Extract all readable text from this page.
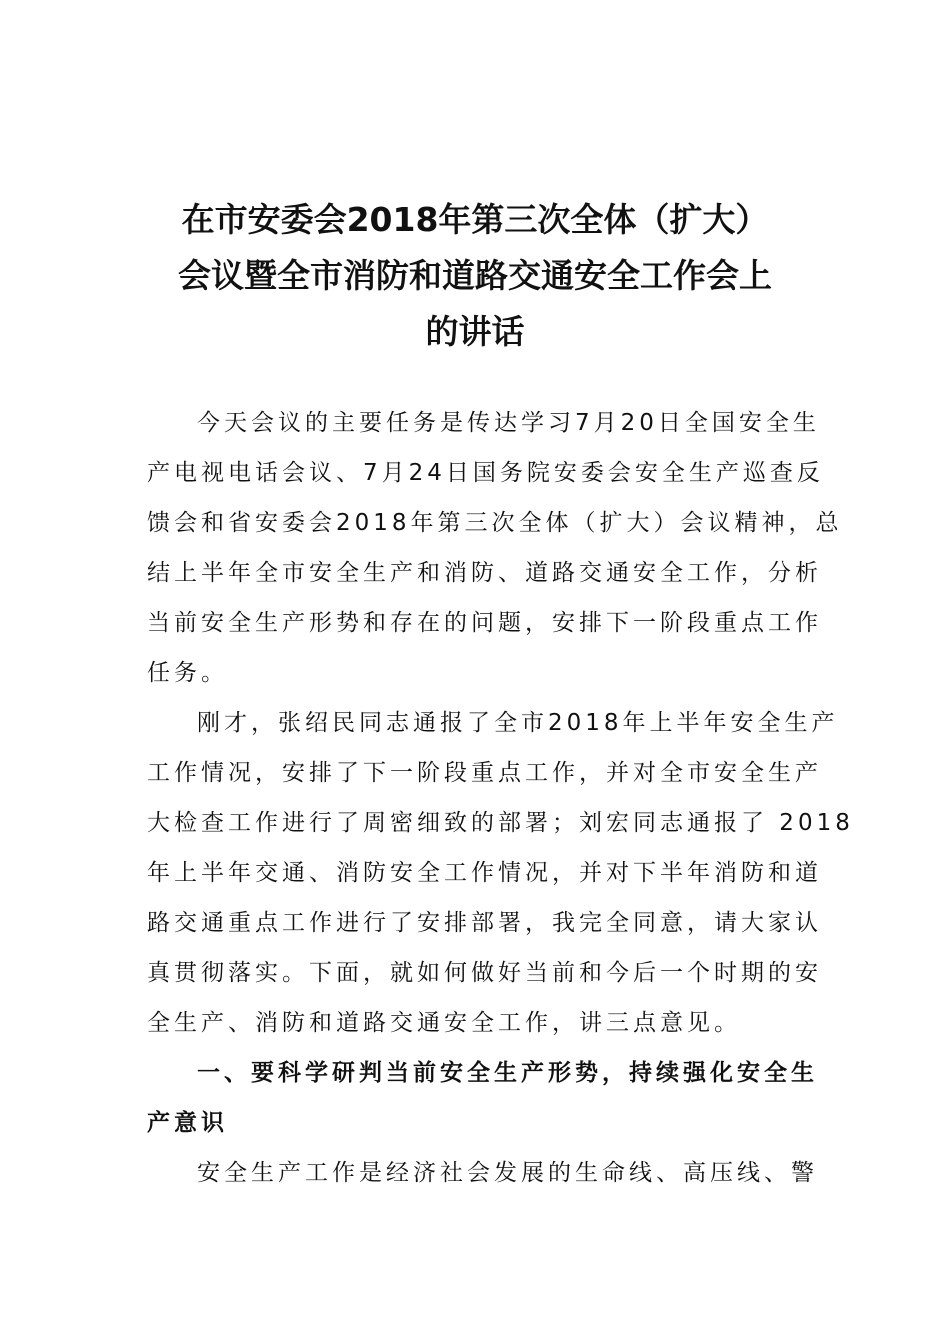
在市安委会2018年第三次全体（扩大）
会议暨全市消防和道路交通安全工作会上
的讲话
今天会议的主要任务是传达学习7月20日全国安全生
产电视电话会议、7月24日国务院安委会安全生产巡查反
馈会和省安委会2018年第三次全体（扩大）会议精神，总
结上半年全市安全生产和消防、道路交通安全工作，分析
当前安全生产形势和存在的问题，安排下一阶段重点工作
任务。
刚才，张绍民同志通报了全市2018年上半年安全生产
工作情况，安排了下一阶段重点工作，并对全市安全生产
大检查工作进行了周密细致的部署；刘宏同志通报了 2018
年上半年交通、消防安全工作情况，并对下半年消防和道
路交通重点工作进行了安排部署，我完全同意，请大家认
真贯彻落实。下面，就如何做好当前和今后一个时期的安
全生产、消防和道路交通安全工作，讲三点意见。
一、要科学研判当前安全生产形势，持续强化安全生
产意识
安全生产工作是经济社会发展的生命线、高压线、警
